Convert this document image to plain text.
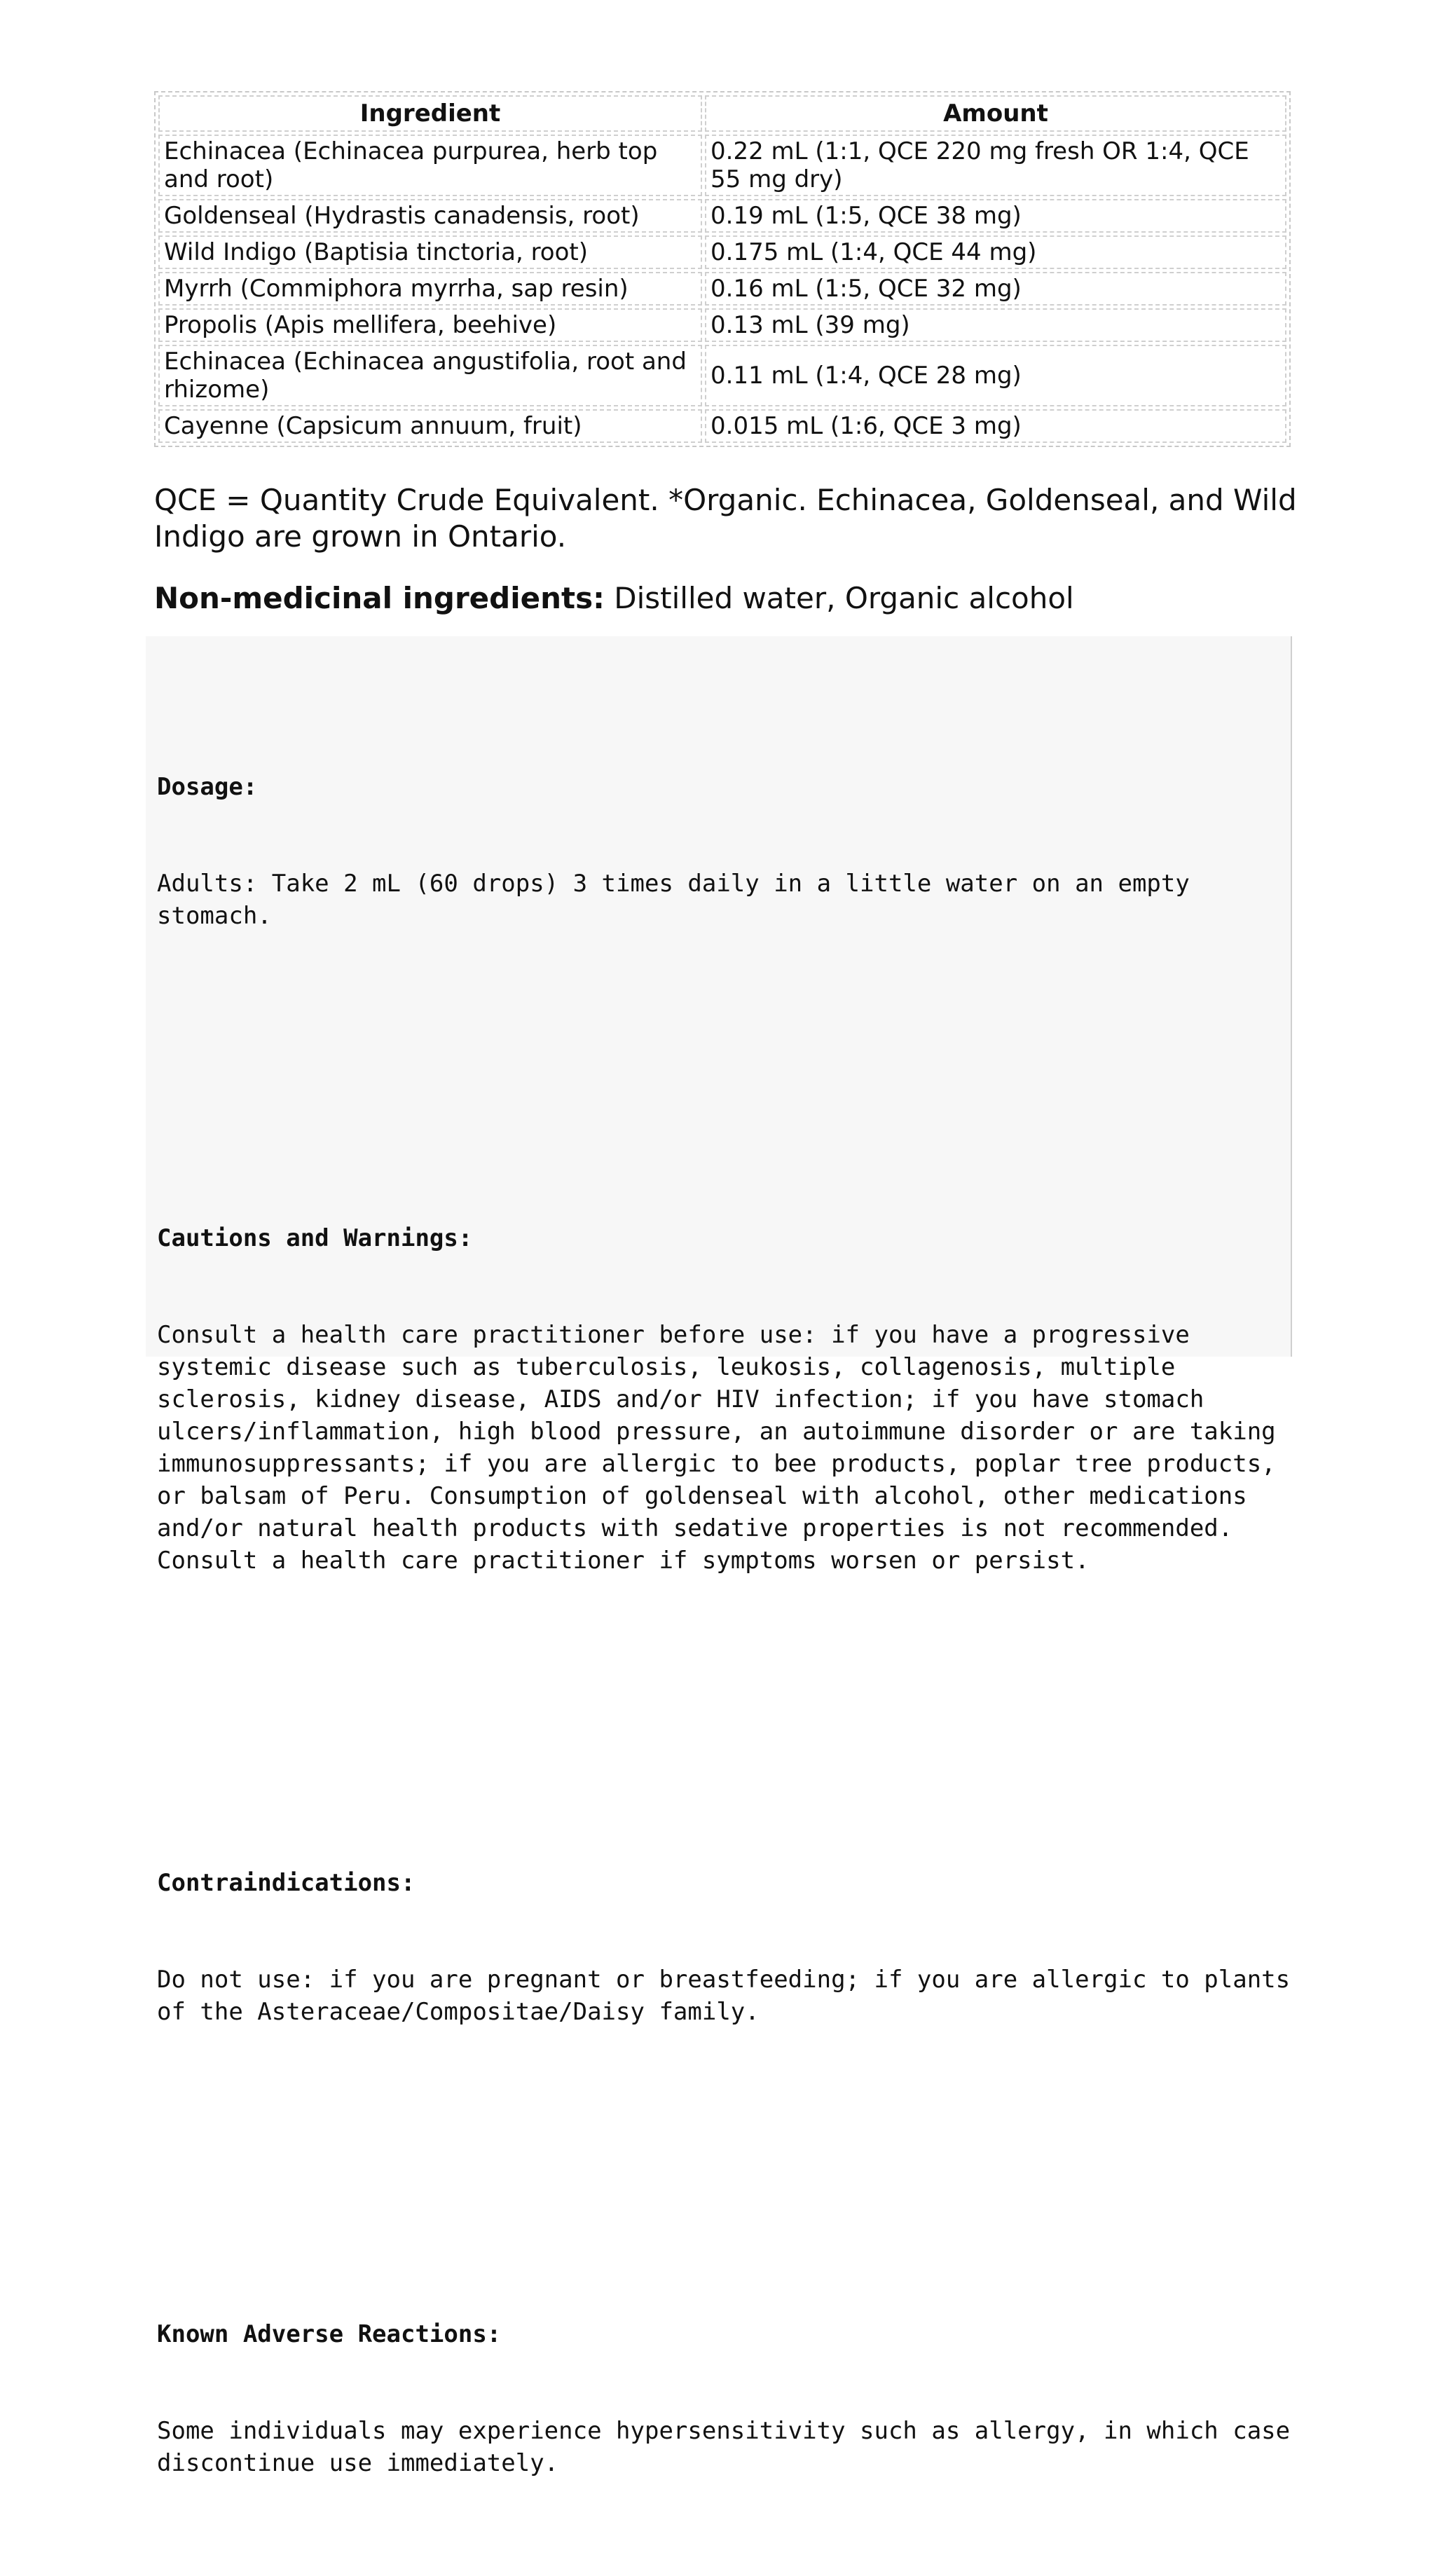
Ingredient	Amount
Echinacea (Echinacea purpurea, herb top and root)	0.22 mL (1:1, QCE 220 mg fresh OR 1:4, QCE 55 mg dry)
Goldenseal (Hydrastis canadensis, root)	0.19 mL (1:5, QCE 38 mg)
Wild Indigo (Baptisia tinctoria, root)	0.175 mL (1:4, QCE 44 mg)
Myrrh (Commiphora myrrha, sap resin)	0.16 mL (1:5, QCE 32 mg)
Propolis (Apis mellifera, beehive)	0.13 mL (39 mg)
Echinacea (Echinacea angustifolia, root and rhizome)	0.11 mL (1:4, QCE 28 mg)
Cayenne (Capsicum annuum, fruit)	0.015 mL (1:6, QCE 3 mg)

QCE = Quantity Crude Equivalent. *Organic. Echinacea, Goldenseal, and Wild Indigo are grown in Ontario.

Non-medicinal ingredients: Distilled water, Organic alcohol

Dosage:

Adults: Take 2 mL (60 drops) 3 times daily in a little water on an empty stomach.

Cautions and Warnings:

Consult a health care practitioner before use: if you have a progressive systemic disease such as tuberculosis, leukosis, collagenosis, multiple sclerosis, kidney disease, AIDS and/or HIV infection; if you have stomach ulcers/inflammation, high blood pressure, an autoimmune disorder or are taking immunosuppressants; if you are allergic to bee products, poplar tree products, or balsam of Peru. Consumption of goldenseal with alcohol, other medications and/or natural health products with sedative properties is not recommended. Consult a health care practitioner if symptoms worsen or persist.

Contraindications:

Do not use: if you are pregnant or breastfeeding; if you are allergic to plants of the Asteraceae/Compositae/Daisy family.

Known Adverse Reactions:

Some individuals may experience hypersensitivity such as allergy, in which case discontinue use immediately.
